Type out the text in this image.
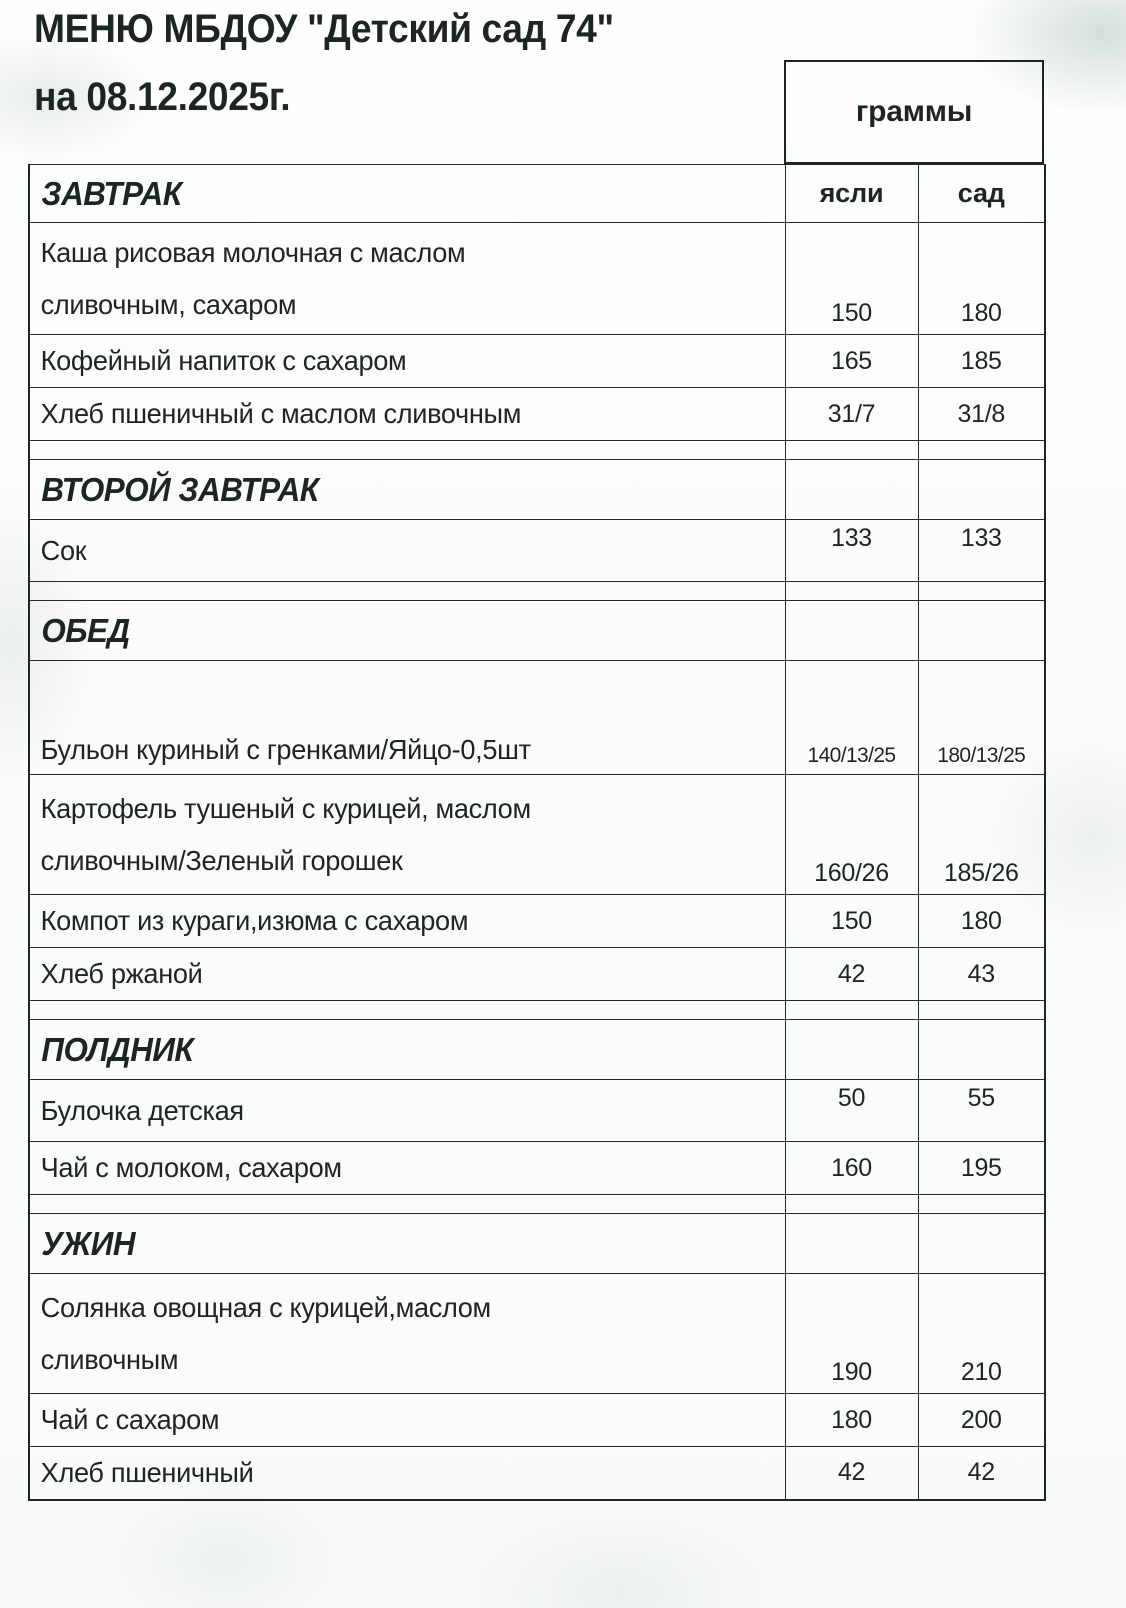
МЕНЮ МБДОУ "Детский сад 74"
на 08.12.2025г.	граммы
ЗАВТРАК	ясли	сад

Каша рисовая молочная с маслом
сливочным, сахаром	150	180

Кофейный напиток с сахаром	165	185

Хлеб пшеничный с маслом сливочным	31/7	31/8

ВТОРОЙ ЗАВТРАК		

Сок	133	133

ОБЕД		

Бульон куриный с гренками/Яйцо-0,5шт	140/13/25	180/13/25

Картофель тушеный с курицей, маслом
сливочным/Зеленый горошек	160/26	185/26

Компот из кураги,изюма с сахаром	150	180

Хлеб ржаной	42	43

ПОЛДНИК		

Булочка детская	50	55

Чай с молоком, сахаром	160	195

УЖИН		

Солянка овощная с курицей,маслом
сливочным	190	210

Чай с сахаром	180	200

Хлеб пшеничный	42	42
